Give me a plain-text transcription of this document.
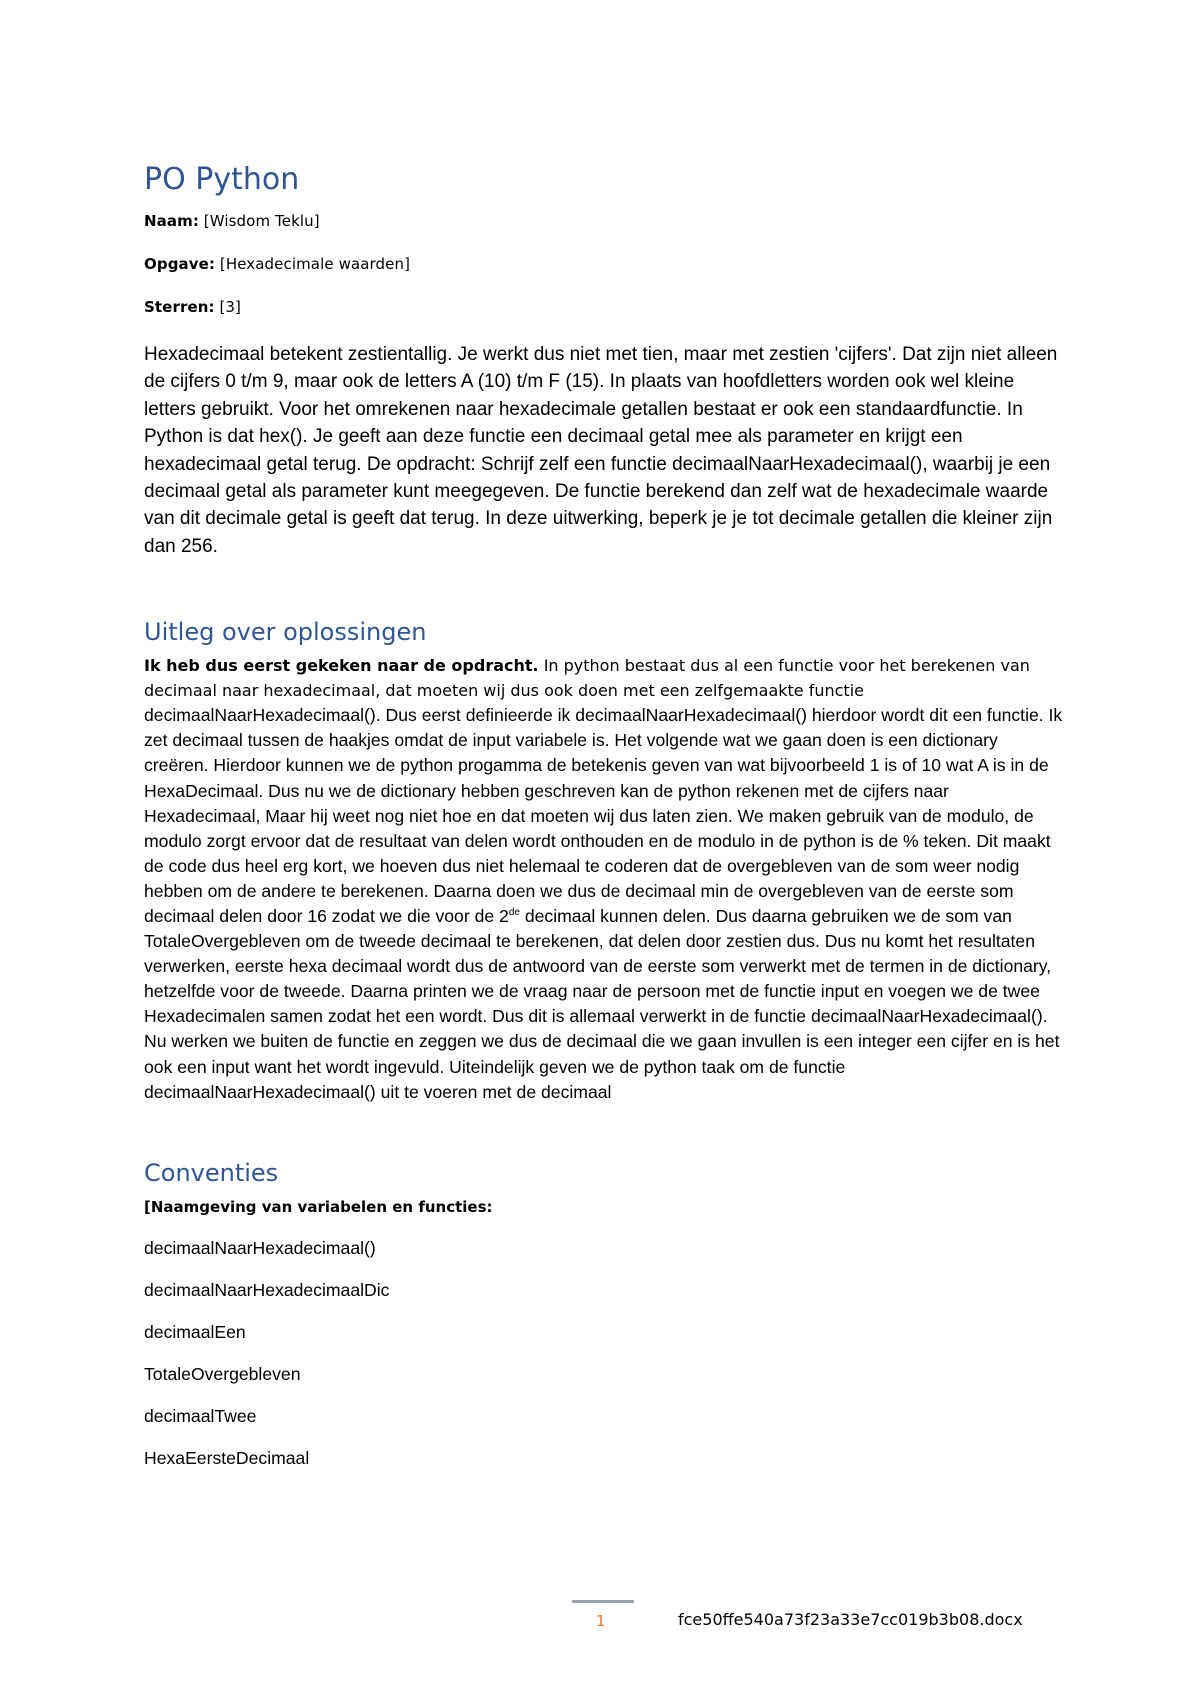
PO Python

Naam: [Wisdom Teklu]

Opgave: [Hexadecimale waarden]

Sterren: [3]

Hexadecimaal betekent zestientallig. Je werkt dus niet met tien, maar met zestien 'cijfers'. Dat zijn niet alleen de cijfers 0 t/m 9, maar ook de letters A (10) t/m F (15). In plaats van hoofdletters worden ook wel kleine letters gebruikt. Voor het omrekenen naar hexadecimale getallen bestaat er ook een standaardfunctie. In Python is dat hex(). Je geeft aan deze functie een decimaal getal mee als parameter en krijgt een hexadecimaal getal terug. De opdracht: Schrijf zelf een functie decimaalNaarHexadecimaal(), waarbij je een decimaal getal als parameter kunt meegegeven. De functie berekend dan zelf wat de hexadecimale waarde van dit decimale getal is geeft dat terug. In deze uitwerking, beperk je je tot decimale getallen die kleiner zijn dan 256.

Uitleg over oplossingen

Ik heb dus eerst gekeken naar de opdracht. In python bestaat dus al een functie voor het berekenen van decimaal naar hexadecimaal, dat moeten wij dus ook doen met een zelfgemaakte functie decimaalNaarHexadecimaal(). Dus eerst definieerde ik decimaalNaarHexadecimaal() hierdoor wordt dit een functie. Ik zet decimaal tussen de haakjes omdat de input variabele is. Het volgende wat we gaan doen is een dictionary creëren. Hierdoor kunnen we de python progamma de betekenis geven van wat bijvoorbeeld 1 is of 10 wat A is in de HexaDecimaal. Dus nu we de dictionary hebben geschreven kan de python rekenen met de cijfers naar Hexadecimaal, Maar hij weet nog niet hoe en dat moeten wij dus laten zien. We maken gebruik van de modulo, de modulo zorgt ervoor dat de resultaat van delen wordt onthouden en de modulo in de python is de % teken. Dit maakt de code dus heel erg kort, we hoeven dus niet helemaal te coderen dat de overgebleven van de som weer nodig hebben om de andere te berekenen. Daarna doen we dus de decimaal min de overgebleven van de eerste som decimaal delen door 16 zodat we die voor de 2de decimaal kunnen delen. Dus daarna gebruiken we de som van TotaleOvergebleven om de tweede decimaal te berekenen, dat delen door zestien dus. Dus nu komt het resultaten verwerken, eerste hexa decimaal wordt dus de antwoord van de eerste som verwerkt met de termen in de dictionary, hetzelfde voor de tweede. Daarna printen we de vraag naar de persoon met de functie input en voegen we de twee Hexadecimalen samen zodat het een wordt. Dus dit is allemaal verwerkt in de functie decimaalNaarHexadecimaal(). Nu werken we buiten de functie en zeggen we dus de decimaal die we gaan invullen is een integer een cijfer en is het ook een input want het wordt ingevuld. Uiteindelijk geven we de python taak om de functie decimaalNaarHexadecimaal() uit te voeren met de decimaal

Conventies

[Naamgeving van variabelen en functies:

decimaalNaarHexadecimaal()
decimaalNaarHexadecimaalDic
decimaalEen
TotaleOvergebleven
decimaalTwee
HexaEersteDecimaal
1	fce50ffe540a73f23a33e7cc019b3b08.docx
